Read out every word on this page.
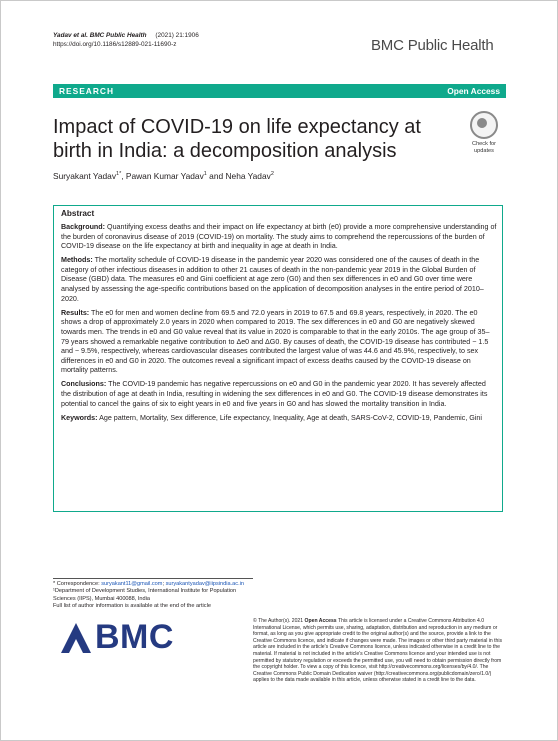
Yadav et al. BMC Public Health (2021) 21:1906
https://doi.org/10.1186/s12889-021-11690-z	BMC Public Health
RESEARCH	Open Access
Impact of COVID-19 on life expectancy at birth in India: a decomposition analysis	Check for
updates
Suryakant Yadav$^{1*}$, Pawan Kumar Yadav$^1$ and Neha Yadav$^2$
Abstract

Background: Quantifying excess deaths and their impact on life expectancy at birth (e0) provide a more comprehensive understanding of the burden of coronavirus disease of 2019 (COVID-19) on mortality. The study aims to comprehend the repercussions of the burden of COVID-19 disease on the life expectancy at birth and inequality in age at death in India.

Methods: The mortality schedule of COVID-19 disease in the pandemic year 2020 was considered one of the causes of death in the category of other infectious diseases in addition to other 21 causes of death in the non-pandemic year 2019 in the Global Burden of Disease (GBD) data. The measures e0 and Gini coefficient at age zero (G0) and then sex differences in e0 and G0 over time were analysed by assessing the age-specific contributions based on the application of decomposition analyses in the entire period of 2010–2020.

Results: The e0 for men and women decline from 69.5 and 72.0 years in 2019 to 67.5 and 69.8 years, respectively, in 2020. The e0 shows a drop of approximately 2.0 years in 2020 when compared to 2019. The sex differences in e0 and G0 are negatively skewed towards men. The trends in e0 and G0 value reveal that its value in 2020 is comparable to that in the early 2010s. The age group of 35–79 years showed a remarkable negative contribution to Δe0 and ΔG0. By causes of death, the COVID-19 disease has contributed − 1.5 and − 9.5%, respectively, whereas cardiovascular diseases contributed the largest value of was 44.6 and 45.9%, respectively, to sex differences in e0 and G0 in 2020. The outcomes reveal a significant impact of excess deaths caused by the COVID-19 disease on mortality patterns.

Conclusions: The COVID-19 pandemic has negative repercussions on e0 and G0 in the pandemic year 2020. It has severely affected the distribution of age at death in India, resulting in widening the sex differences in e0 and G0. The COVID-19 disease demonstrates its potential to cancel the gains of six to eight years in e0 and five years in G0 and has slowed the mortality transition in India.

Keywords: Age pattern, Mortality, Sex difference, Life expectancy, Inequality, Age at death, SARS-CoV-2, COVID-19, Pandemic, Gini

* Correspondence: suryakant11@gmail.com; suryakantyadav@iipsindia.ac.in
¹Department of Development Studies, International Institute for Population Sciences (IIPS), Mumbai 400088, India
Full list of author information is available at the end of the article
BMC	© The Author(s). 2021 Open Access This article is licensed under a Creative Commons Attribution 4.0 International License, which permits use, sharing, adaptation, distribution and reproduction in any medium or format, as long as you give appropriate credit to the original author(s) and the source, provide a link to the Creative Commons licence, and indicate if changes were made. The images or other third party material in this article are included in the article's Creative Commons licence, unless indicated otherwise in a credit line to the material. If material is not included in the article's Creative Commons licence and your intended use is not permitted by statutory regulation or exceeds the permitted use, you will need to obtain permission directly from the copyright holder. To view a copy of this licence, visit http://creativecommons.org/licenses/by/4.0/. The Creative Commons Public Domain Dedication waiver (http://creativecommons.org/publicdomain/zero/1.0/) applies to the data made available in this article, unless otherwise stated in a credit line to the data.
